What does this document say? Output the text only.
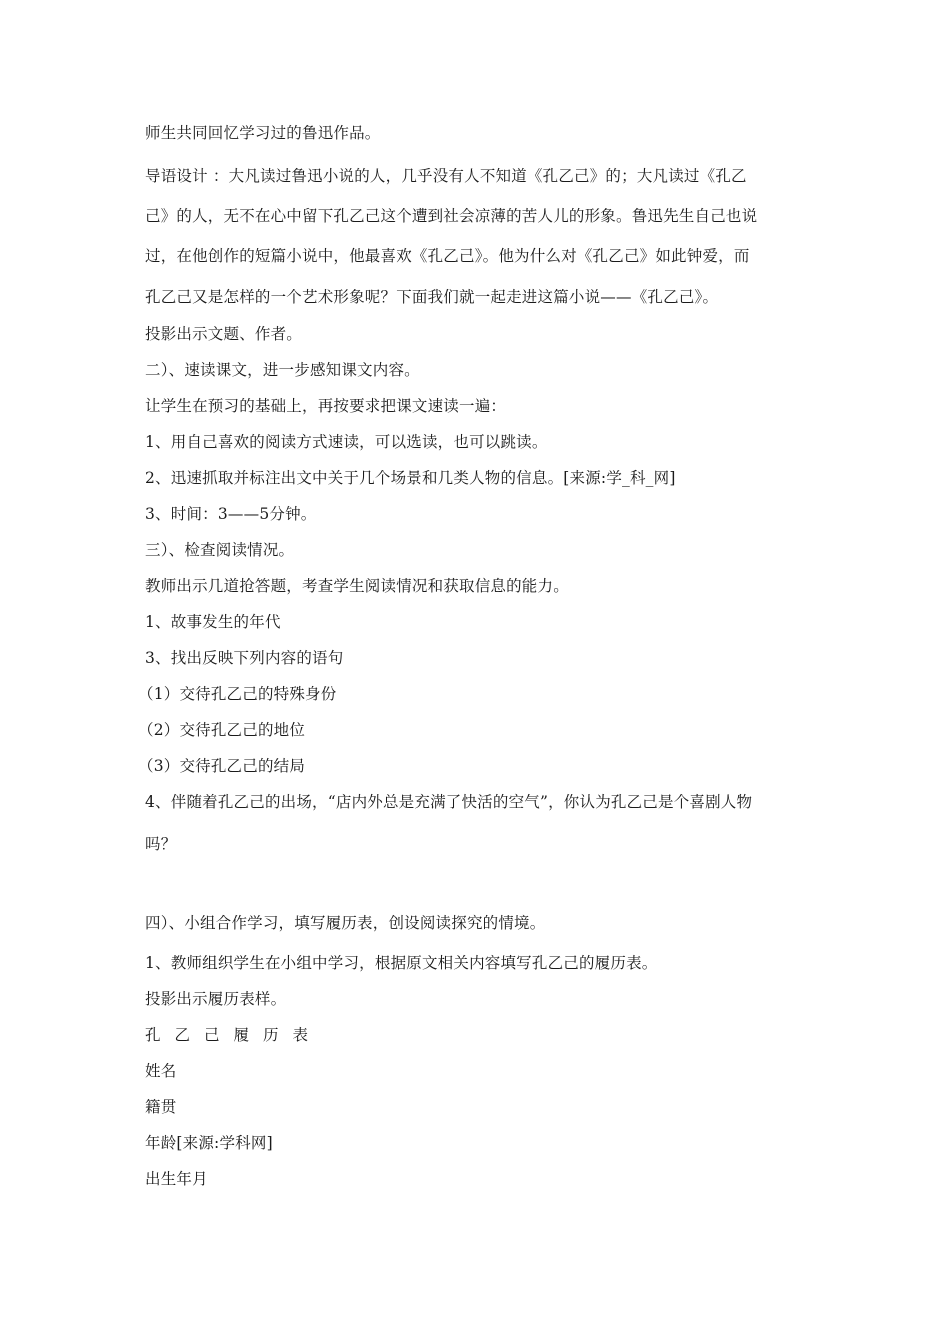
师生共同回忆学习过的鲁迅作品。
导语设计 ：大凡读过鲁迅小说的人，几乎没有人不知道《孔乙己》的；大凡读过《孔乙
己》的人，无不在心中留下孔乙己这个遭到社会凉薄的苦人儿的形象。鲁迅先生自己也说
过，在他创作的短篇小说中，他最喜欢《孔乙己》。他为什么对《孔乙己》如此钟爱，而
孔乙己又是怎样的一个艺术形象呢？下面我们就一起走进这篇小说——《孔乙己》。
投影出示文题、作者。
二）、速读课文，进一步感知课文内容。
让学生在预习的基础上，再按要求把课文速读一遍：
1、用自己喜欢的阅读方式速读，可以选读，也可以跳读。
2、迅速抓取并标注出文中关于几个场景和几类人物的信息。[来源:学_科_网]
3、时间：3——5分钟。
三）、检查阅读情况。
教师出示几道抢答题，考查学生阅读情况和获取信息的能力。
1、故事发生的年代
3、找出反映下列内容的语句
（1）交待孔乙己的特殊身份
（2）交待孔乙己的地位
（3）交待孔乙己的结局
4、伴随着孔乙己的出场，“店内外总是充满了快活的空气”，你认为孔乙己是个喜剧人物
吗？
四）、小组合作学习，填写履历表，创设阅读探究的情境。
1、教师组织学生在小组中学习，根据原文相关内容填写孔乙己的履历表。
投影出示履历表样。
孔乙己履历表
姓名
籍贯
年龄[来源:学科网]
出生年月
